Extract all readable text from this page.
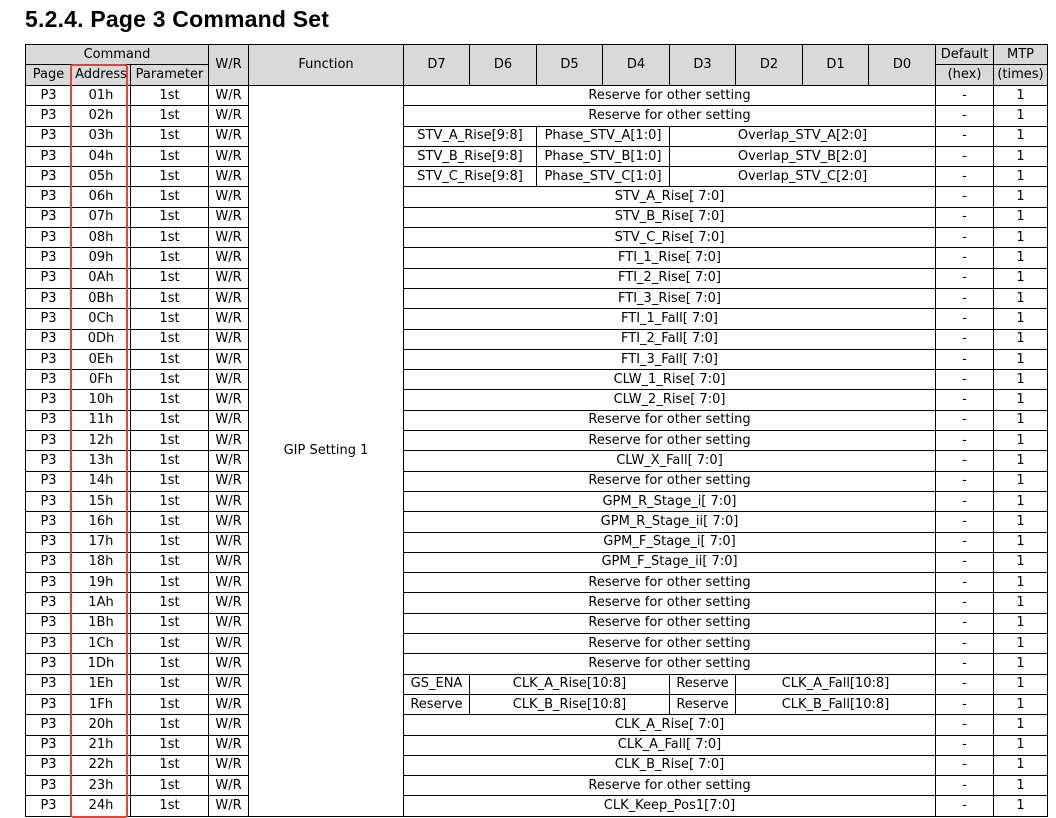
5.2.4. Page 3 Command Set
Command			W/R	Function	D7	D6	D5	D4	D3	D2	D1	D0	Default	MTP
Page	Address	Parameter											(hex)	(times)
P3	01h	1st	W/R	GIP Setting 1	Reserve for other setting								-	1
P3	02h	1st	W/R		Reserve for other setting								-	1
P3	03h	1st	W/R		STV_A_Rise[9:8]		Phase_STV_A[1:0]		Overlap_STV_A[2:0]				-	1
P3	04h	1st	W/R		STV_B_Rise[9:8]		Phase_STV_B[1:0]		Overlap_STV_B[2:0]				-	1
P3	05h	1st	W/R		STV_C_Rise[9:8]		Phase_STV_C[1:0]		Overlap_STV_C[2:0]				-	1
P3	06h	1st	W/R		STV_A_Rise[ 7:0]								-	1
P3	07h	1st	W/R		STV_B_Rise[ 7:0]								-	1
P3	08h	1st	W/R		STV_C_Rise[ 7:0]								-	1
P3	09h	1st	W/R		FTI_1_Rise[ 7:0]								-	1
P3	0Ah	1st	W/R		FTI_2_Rise[ 7:0]								-	1
P3	0Bh	1st	W/R		FTI_3_Rise[ 7:0]								-	1
P3	0Ch	1st	W/R		FTI_1_Fall[ 7:0]								-	1
P3	0Dh	1st	W/R		FTI_2_Fall[ 7:0]								-	1
P3	0Eh	1st	W/R		FTI_3_Fall[ 7:0]								-	1
P3	0Fh	1st	W/R		CLW_1_Rise[ 7:0]								-	1
P3	10h	1st	W/R		CLW_2_Rise[ 7:0]								-	1
P3	11h	1st	W/R		Reserve for other setting								-	1
P3	12h	1st	W/R		Reserve for other setting								-	1
P3	13h	1st	W/R		CLW_X_Fall[ 7:0]								-	1
P3	14h	1st	W/R		Reserve for other setting								-	1
P3	15h	1st	W/R		GPM_R_Stage_i[ 7:0]								-	1
P3	16h	1st	W/R		GPM_R_Stage_ii[ 7:0]								-	1
P3	17h	1st	W/R		GPM_F_Stage_i[ 7:0]								-	1
P3	18h	1st	W/R		GPM_F_Stage_ii[ 7:0]								-	1
P3	19h	1st	W/R		Reserve for other setting								-	1
P3	1Ah	1st	W/R		Reserve for other setting								-	1
P3	1Bh	1st	W/R		Reserve for other setting								-	1
P3	1Ch	1st	W/R		Reserve for other setting								-	1
P3	1Dh	1st	W/R		Reserve for other setting								-	1
P3	1Eh	1st	W/R		GS_ENA	CLK_A_Rise[10:8]			Reserve	CLK_A_Fall[10:8]			-	1
P3	1Fh	1st	W/R		Reserve	CLK_B_Rise[10:8]			Reserve	CLK_B_Fall[10:8]			-	1
P3	20h	1st	W/R		CLK_A_Rise[ 7:0]								-	1
P3	21h	1st	W/R		CLK_A_Fall[ 7:0]								-	1
P3	22h	1st	W/R		CLK_B_Rise[ 7:0]								-	1
P3	23h	1st	W/R		Reserve for other setting								-	1
P3	24h	1st	W/R		CLK_Keep_Pos1[7:0]								-	1
